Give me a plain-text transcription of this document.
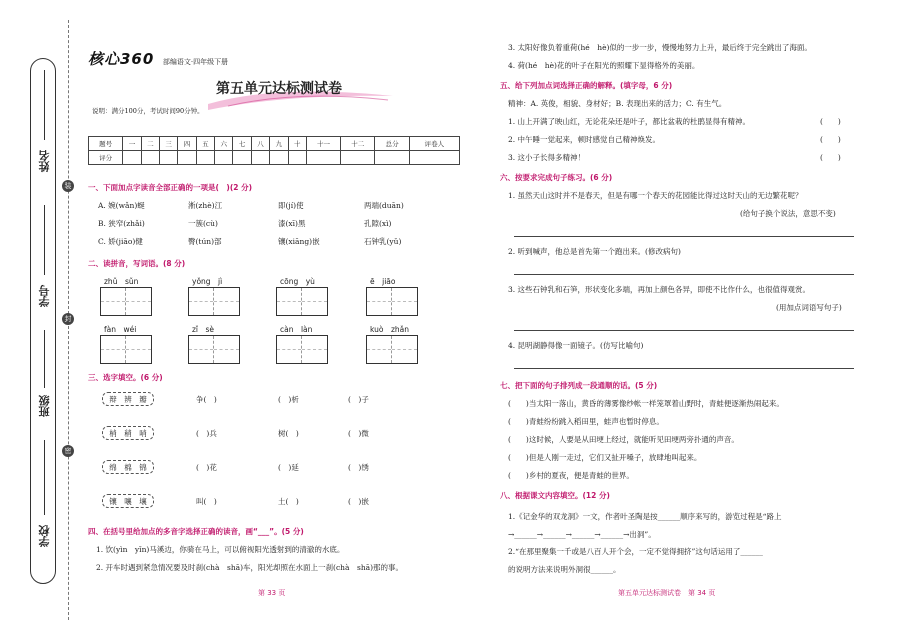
姓名
学号
班级
学校
装
封
密
核心360 部编语文·四年级下册
第五单元达标测试卷
说明：满分100分，考试时间90分钟。
题号	一	二	三	四	五	六	七	八	九	十	十一	十二	总分	评卷人
评分														
一、下面加点字读音全部正确的一项是(　)(2 分)
A. 婉(wǎn)蜒	淅(zhè)江	即(jí)使	两端(duān)
B. 狭窄(zhǎi)	一簇(cù)	漆(xī)黑	孔隙(xì)
C. 娇(jiāo)健	臀(tún)部	镶(xiāng)嵌	石钟乳(yǔ)
二、读拼音，写词语。(8 分)
zhǔ　sǔn	yǒng　jì	cōng　yù	ē　jiāo
fàn　wéi	zǐ　sè	càn　làn	kuò　zhǎn
三、选字填空。(6 分)
辩　辨　瓣	争(　)	(　)析	(　)子
梢　稍　哨	(　)兵	树(　)	(　)微
绵　棉　锦	(　)花	(　)延	(　)绣
镶　嚷　壤	叫(　)	土(　)	(　)嵌
四、在括号里给加点的多音字选择正确的读音，画“___”。(5 分)
1. 饮(yìn　yǐn)马溪边，你骑在马上，可以俯视阳光透射到的清澈的水底。
2. 开车时遇到紧急情况要及时刹(chà　shā)车，阳光却照在水面上一刹(chà　shā)那的事。
第 33 页
3. 太阳好像负着重荷(hé　hè)似的一步一步，慢慢地努力上升，最后终于完全跳出了海面。
4. 荷(hé　hè)花的叶子在阳光的照耀下显得格外的美丽。
五、给下列加点词选择正确的解释。(填字母，6 分)
精神：A. 英俊，相貌、身材好；B. 表现出来的活力；C. 有生气。
1. 山上开满了映山红，无论花朵还是叶子，都比盆栽的杜鹃显得有精神。	(　　)
2. 中午睡一觉起来，顿时感觉自己精神焕发。	(　　)
3. 这小子长得多精神！	(　　)
六、按要求完成句子练习。(6 分)
1. 虽然天山这时并不是春天，但是有哪一个春天的花园能比得过这时天山的无边繁花呢？
(给句子换个说法，意思不变)
2. 听到喊声，他总是首先第一个跑出来。(修改病句)
3. 这些石钟乳和石笋，形状变化多端，再加上颜色各异，即使不比作什么，也很值得观赏。
(用加点词语写句子)
4. 昆明湖静得像一面镜子。(仿写比喻句)
七、把下面的句子排列成一段通顺的话。(5 分)
(　　)当太阳一落山，黄昏的薄雾像纱帐一样笼罩着山野时，青蛙便逐渐热闹起来。
(　　)青蛙纷纷跳入稻田里，蛙声也暂时停息。
(　　)这时候，人要是从田埂上经过，就能听见田埂两旁扑通的声音。
(　　)但是人刚一走过，它们又扯开嗓子，放肆地叫起来。
(　　)乡村的夏夜，便是青蛙的世界。
八、根据课文内容填空。(12 分)
1.《记金华的双龙洞》一文，作者叶圣陶是按______顺序来写的，游览过程是“路上→______→______→______→______→出洞”。
2.“在那里聚集一千或是八百人开个会，一定不觉得拥挤”这句话运用了______
的说明方法来说明外洞很______。
第五单元达标测试卷　第 34 页
